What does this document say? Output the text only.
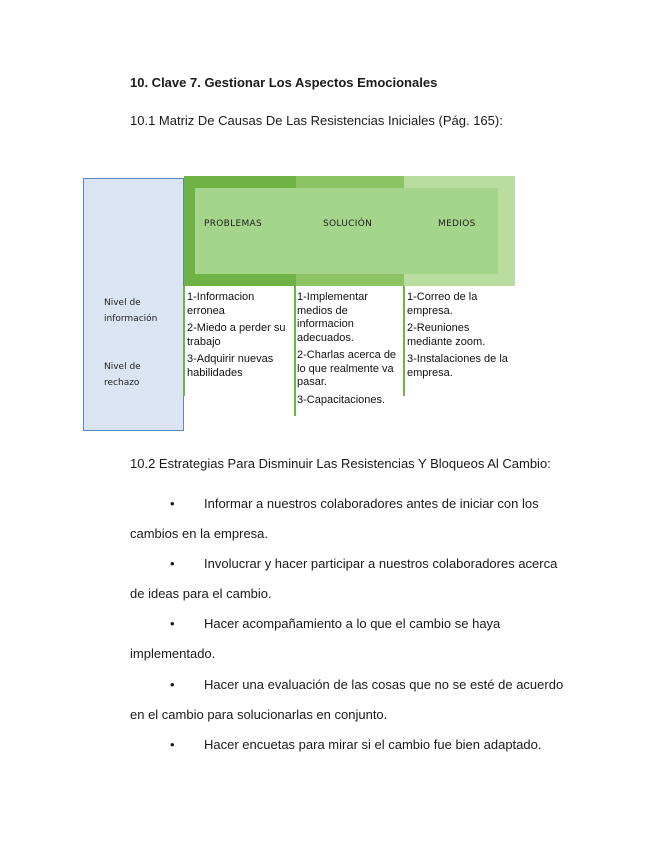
10. Clave 7. Gestionar Los Aspectos Emocionales
10.1 Matriz De Causas De Las Resistencias Iniciales (Pág. 165):
Nivel de
información
Nivel de
rechazo
PROBLEMAS	SOLUCIÓN	MEDIOS

1-Informacion erronea

2-Miedo a perder su trabajo

3-Adquirir nuevas habilidades

1-Implementar medios de informacion adecuados.

2-Charlas acerca de lo que realmente va pasar.

3-Capacitaciones.

1-Correo de la empresa.

2-Reuniones mediante zoom.

3-Instalaciones de la empresa.

10.2 Estrategias Para Disminuir Las Resistencias Y Bloqueos Al Cambio:
• Informar a nuestros colaboradores antes de iniciar con los
cambios en la empresa.
• Involucrar y hacer participar a nuestros colaboradores acerca
de ideas para el cambio.
• Hacer acompañamiento a lo que el cambio se haya
implementado.
• Hacer una evaluación de las cosas que no se esté de acuerdo
en el cambio para solucionarlas en conjunto.
• Hacer encuetas para mirar si el cambio fue bien adaptado.
